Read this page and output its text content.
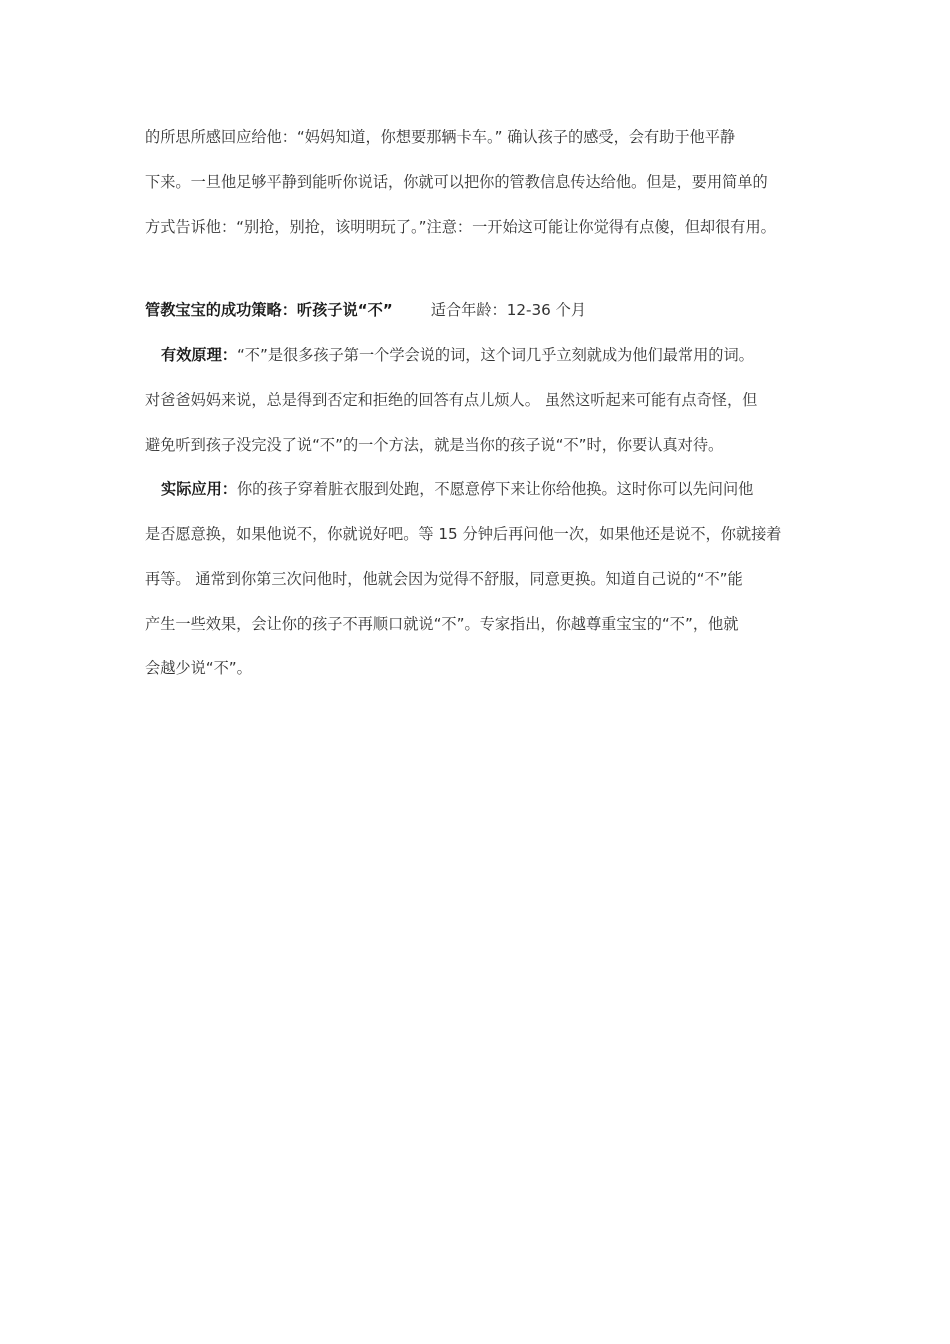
的所思所感回应给他：“妈妈知道，你想要那辆卡车。” 确认孩子的感受，会有助于他平静
下来。一旦他足够平静到能听你说话，你就可以把你的管教信息传达给他。但是，要用简单的
方式告诉他：“别抢，别抢，该明明玩了。”注意：一开始这可能让你觉得有点傻，但却很有用。
管教宝宝的成功策略：听孩子说“不”	适合年龄：12-36 个月
有效原理：“不”是很多孩子第一个学会说的词，这个词几乎立刻就成为他们最常用的词。
对爸爸妈妈来说，总是得到否定和拒绝的回答有点儿烦人。 虽然这听起来可能有点奇怪，但
避免听到孩子没完没了说“不”的一个方法，就是当你的孩子说“不”时，你要认真对待。
实际应用：你的孩子穿着脏衣服到处跑，不愿意停下来让你给他换。这时你可以先问问他
是否愿意换，如果他说不，你就说好吧。等 15 分钟后再问他一次，如果他还是说不，你就接着
再等。 通常到你第三次问他时，他就会因为觉得不舒服，同意更换。知道自己说的“不”能
产生一些效果，会让你的孩子不再顺口就说“不”。专家指出，你越尊重宝宝的“不”，他就
会越少说“不”。
